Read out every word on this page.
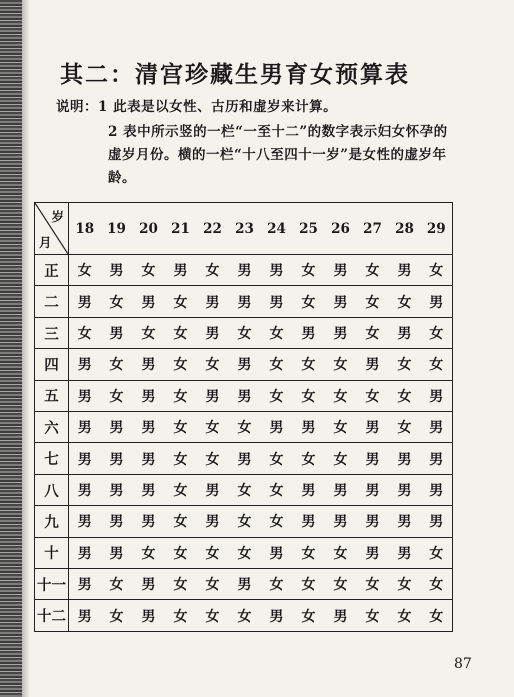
其二：清宫珍藏生男育女预算表
说明：1 此表是以女性、古历和虚岁来计算。
2 表中所示竖的一栏“一至十二”的数字表示妇女怀孕的虚岁月份。横的一栏“十八至四十一岁”是女性的虚岁年龄。
岁
月	18	19	20	21	22	23	24	25	26	27	28	29
正	女	男	女	男	女	男	男	女	男	女	男	女
二	男	女	男	女	男	男	男	女	男	女	女	男
三	女	男	女	女	男	女	女	男	男	女	男	女
四	男	女	男	女	女	男	女	女	女	男	女	女
五	男	女	男	女	男	男	女	女	女	女	女	男
六	男	男	男	女	女	女	男	男	女	男	女	男
七	男	男	男	女	女	男	女	女	女	男	男	男
八	男	男	男	女	男	女	女	男	男	男	男	男
九	男	男	男	女	男	女	女	男	男	男	男	男
十	男	男	女	女	女	女	男	女	女	男	男	女
十一	男	女	男	女	女	男	女	女	女	女	女	女
十二	男	女	男	女	女	女	男	女	男	女	女	女
87
